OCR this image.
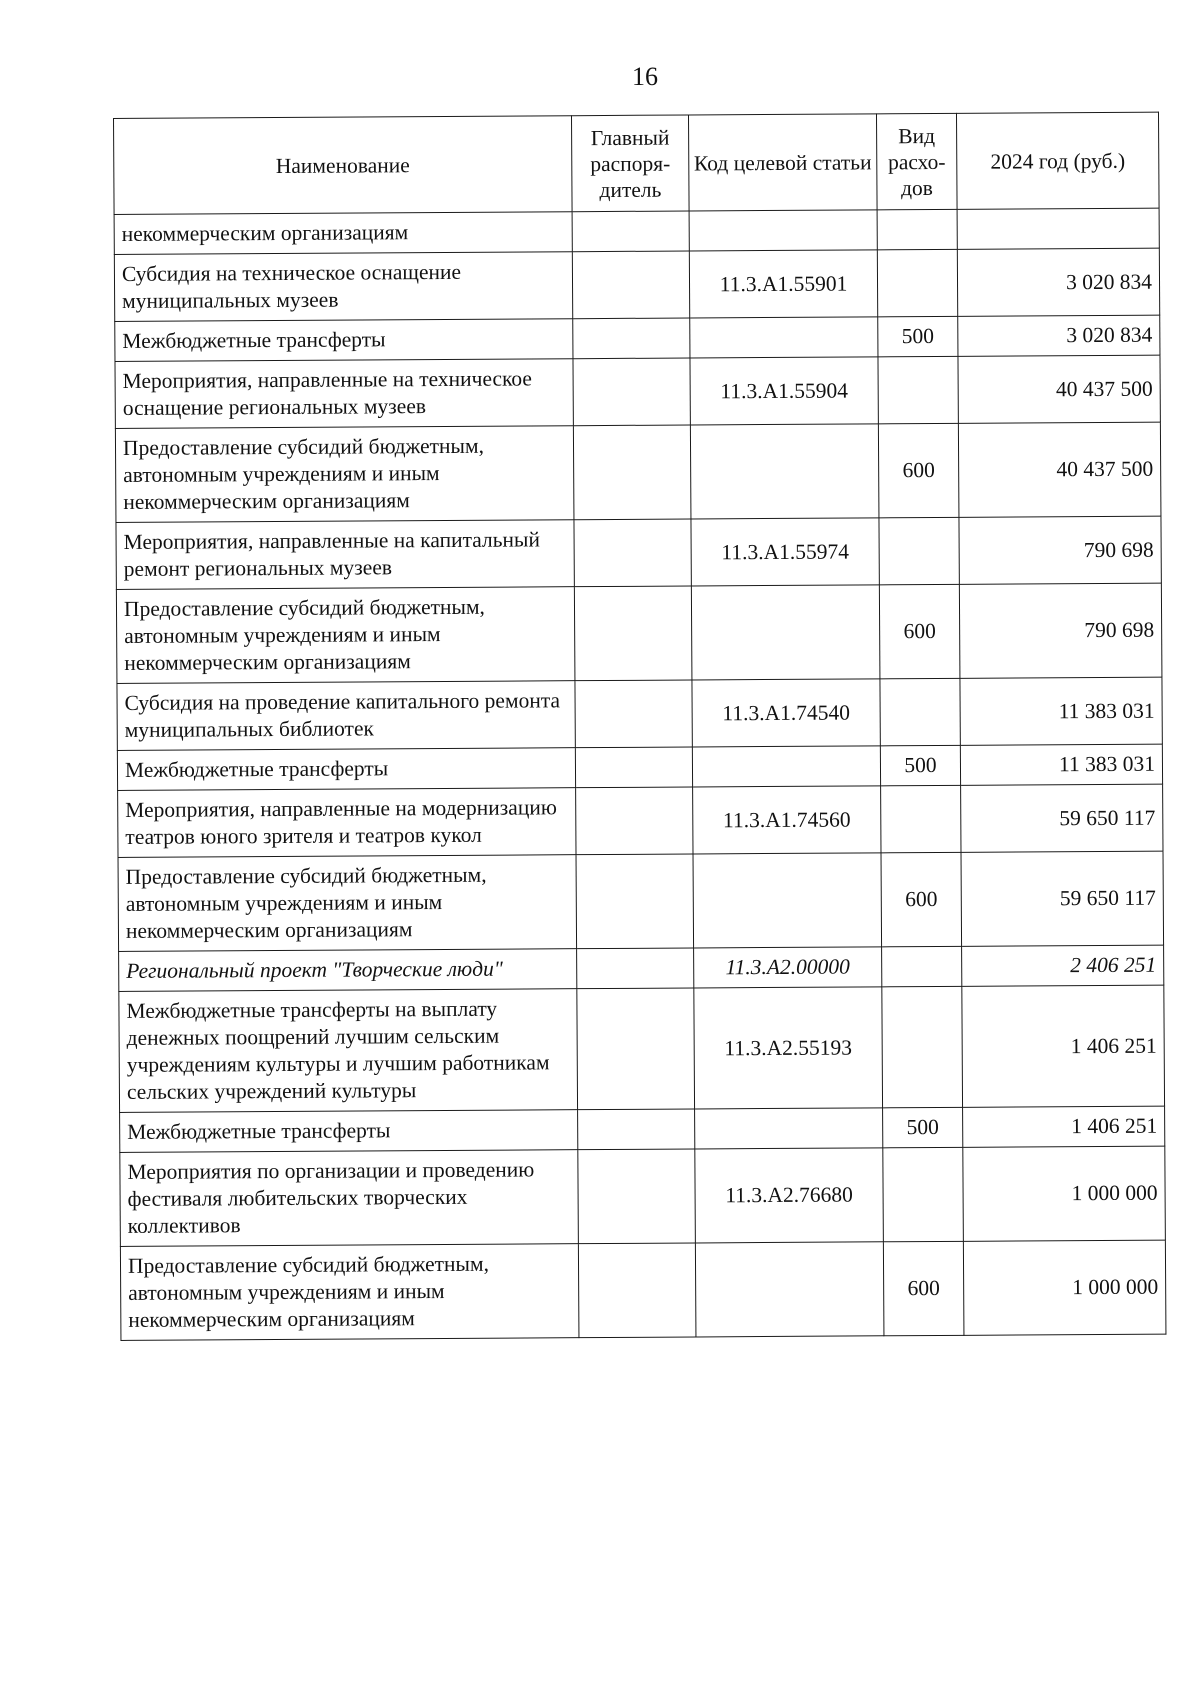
16
Наименование	Главный распоря-дитель	Код целевой статьи	Вид расхо-дов	2024 год (руб.)
некоммерческим организациям				
Субсидия на техническое оснащение муниципальных музеев		11.3.А1.55901		3 020 834
Межбюджетные трансферты			500	3 020 834
Мероприятия, направленные на техническое оснащение региональных музеев		11.3.А1.55904		40 437 500
Предоставление субсидий бюджетным, автономным учреждениям и иным некоммерческим организациям			600	40 437 500
Мероприятия, направленные на капитальный ремонт региональных музеев		11.3.А1.55974		790 698
Предоставление субсидий бюджетным, автономным учреждениям и иным некоммерческим организациям			600	790 698
Субсидия на проведение капитального ремонта муниципальных библиотек		11.3.А1.74540		11 383 031
Межбюджетные трансферты			500	11 383 031
Мероприятия, направленные на модернизацию театров юного зрителя и театров кукол		11.3.А1.74560		59 650 117
Предоставление субсидий бюджетным, автономным учреждениям и иным некоммерческим организациям			600	59 650 117
Региональный проект "Творческие люди"		11.3.А2.00000		2 406 251
Межбюджетные трансферты на выплату денежных поощрений лучшим сельским учреждениям культуры и лучшим работникам сельских учреждений культуры		11.3.А2.55193		1 406 251
Межбюджетные трансферты			500	1 406 251
Мероприятия по организации и проведению фестиваля любительских творческих коллективов		11.3.А2.76680		1 000 000
Предоставление субсидий бюджетным, автономным учреждениям и иным некоммерческим организациям			600	1 000 000
